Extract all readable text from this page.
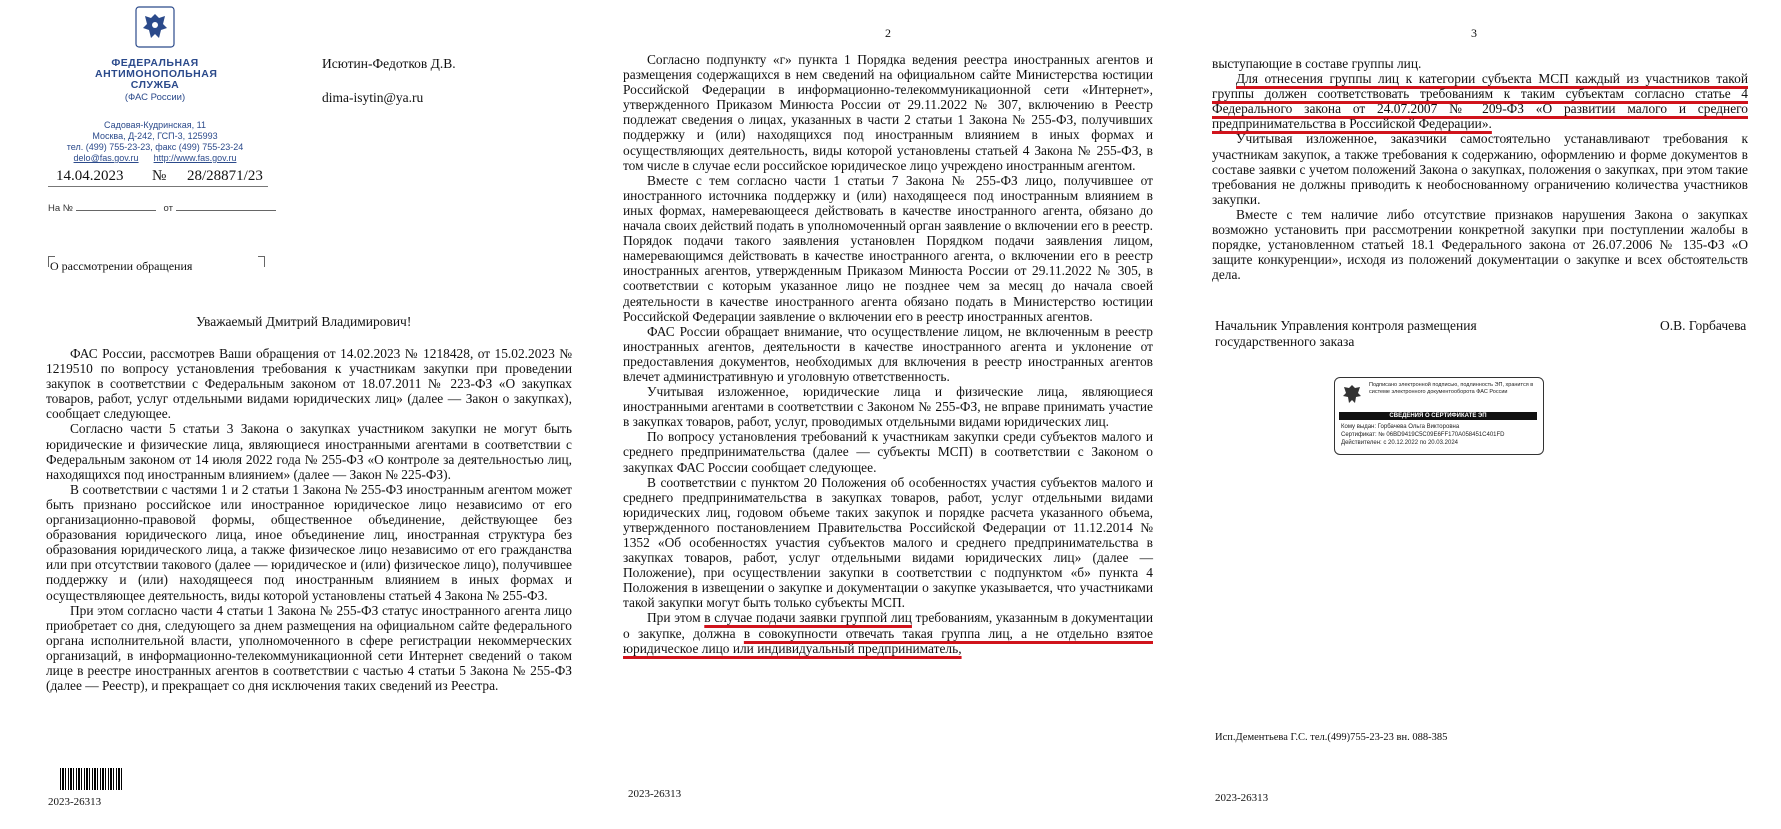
ФЕДЕРАЛЬНАЯ
АНТИМОНОПОЛЬНАЯ
СЛУЖБА
(ФАС России)
Садовая-Кудринская, 11
Москва, Д-242, ГСП-3, 125993
тел. (499) 755-23-23, факс (499) 755-23-24
delo@fas.gov.ru http://www.fas.gov.ru
14.04.2023 № 28/28871/23
На №	от
О рассмотрении обращения
Исютин-Федотков Д.В.
dima-isytin@ya.ru
Уважаемый Дмитрий Владимирович!

ФАС России, рассмотрев Ваши обращения от 14.02.2023 № 1218428, от 15.02.2023 № 1219510 по вопросу установления требования к участникам закупки при проведении закупок в соответствии с Федеральным законом от 18.07.2011 № 223-ФЗ «О закупках товаров, работ, услуг отдельными видами юридических лиц» (далее — Закон о закупках), сообщает следующее.

Согласно части 5 статьи 3 Закона о закупках участником закупки не могут быть юридические и физические лица, являющиеся иностранными агентами в соответствии с Федеральным законом от 14 июля 2022 года № 255-ФЗ «О контроле за деятельностью лиц, находящихся под иностранным влиянием» (далее — Закон № 225-ФЗ).

В соответствии с частями 1 и 2 статьи 1 Закона № 255-ФЗ иностранным агентом может быть признано российское или иностранное юридическое лицо независимо от его организационно-правовой формы, общественное объединение, действующее без образования юридического лица, иное объединение лиц, иностранная структура без образования юридического лица, а также физическое лицо независимо от его гражданства или при отсутствии такового (далее — юридическое и (или) физическое лицо), получившее поддержку и (или) находящееся под иностранным влиянием в иных формах и осуществляющее деятельность, виды которой установлены статьей 4 Закона № 255-ФЗ.

При этом согласно части 4 статьи 1 Закона № 255-ФЗ статус иностранного агента лицо приобретает со дня, следующего за днем размещения на официальном сайте федерального органа исполнительной власти, уполномоченного в сфере регистрации некоммерческих организаций, в информационно-телекоммуникационной сети Интернет сведений о таком лице в реестре иностранных агентов в соответствии с частью 4 статьи 5 Закона № 255-ФЗ (далее — Реестр), и прекращает со дня исключения таких сведений из Реестра.

2023-26313
2

Согласно подпункту «г» пункта 1 Порядка ведения реестра иностранных агентов и размещения содержащихся в нем сведений на официальном сайте Министерства юстиции Российской Федерации в информационно-телекоммуникационной сети «Интернет», утвержденного Приказом Минюста России от 29.11.2022 № 307, включению в Реестр подлежат сведения о лицах, указанных в части 2 статьи 1 Закона № 255-ФЗ, получивших поддержку и (или) находящихся под иностранным влиянием в иных формах и осуществляющих деятельность, виды которой установлены статьей 4 Закона № 255-ФЗ, в том числе в случае если российское юридическое лицо учреждено иностранным агентом.

Вместе с тем согласно части 1 статьи 7 Закона № 255-ФЗ лицо, получившее от иностранного источника поддержку и (или) находящееся под иностранным влиянием в иных формах, намеревающееся действовать в качестве иностранного агента, обязано до начала своих действий подать в уполномоченный орган заявление о включении его в реестр. Порядок подачи такого заявления установлен Порядком подачи заявления лицом, намеревающимся действовать в качестве иностранного агента, о включении его в реестр иностранных агентов, утвержденным Приказом Минюста России от 29.11.2022 № 305, в соответствии с которым указанное лицо не позднее чем за месяц до начала своей деятельности в качестве иностранного агента обязано подать в Министерство юстиции Российской Федерации заявление о включении его в реестр иностранных агентов.

ФАС России обращает внимание, что осуществление лицом, не включенным в реестр иностранных агентов, деятельности в качестве иностранного агента и уклонение от предоставления документов, необходимых для включения в реестр иностранных агентов влечет административную и уголовную ответственность.

Учитывая изложенное, юридические лица и физические лица, являющиеся иностранными агентами в соответствии с Законом № 255-ФЗ, не вправе принимать участие в закупках товаров, работ, услуг, проводимых отдельными видами юридических лиц.

По вопросу установления требований к участникам закупки среди субъектов малого и среднего предпринимательства (далее — субъекты МСП) в соответствии с Законом о закупках ФАС России сообщает следующее.

В соответствии с пунктом 20 Положения об особенностях участия субъектов малого и среднего предпринимательства в закупках товаров, работ, услуг отдельными видами юридических лиц, годовом объеме таких закупок и порядке расчета указанного объема, утвержденного постановлением Правительства Российской Федерации от 11.12.2014 № 1352 «Об особенностях участия субъектов малого и среднего предпринимательства в закупках товаров, работ, услуг отдельными видами юридических лиц» (далее — Положение), при осуществлении закупки в соответствии с подпунктом «б» пункта 4 Положения в извещении о закупке и документации о закупке указывается, что участниками такой закупки могут быть только субъекты МСП.

При этом в случае подачи заявки группой лиц требованиям, указанным в документации о закупке, должна в совокупности отвечать такая группа лиц, а не отдельно взятое юридическое лицо или индивидуальный предприниматель,

2023-26313
3

выступающие в составе группы лиц.

Для отнесения группы лиц к категории субъекта МСП каждый из участников такой группы должен соответствовать требованиям к таким субъектам согласно статье 4 Федерального закона от 24.07.2007 № 209-ФЗ «О развитии малого и среднего предпринимательства в Российской Федерации».

Учитывая изложенное, заказчики самостоятельно устанавливают требования к участникам закупок, а также требования к содержанию, оформлению и форме документов в составе заявки с учетом положений Закона о закупках, положения о закупках, при этом такие требования не должны приводить к необоснованному ограничению количества участников закупки.

Вместе с тем наличие либо отсутствие признаков нарушения Закона о закупках возможно установить при рассмотрении конкретной закупки при поступлении жалобы в порядке, установленном статьей 18.1 Федерального закона от 26.07.2006 № 135-ФЗ «О защите конкуренции», исходя из положений документации о закупке и всех обстоятельств дела.

Начальник Управления контроля размещения
государственного заказа
О.В. Горбачева
Подписано электронной подписью, подлинность ЭП, хранится в системе электронного документооборота ФАС России
СВЕДЕНИЯ О СЕРТИФИКАТЕ ЭП
Кому выдан: Горбачева Ольга Викторовна
Сертификат: № 06BD9419C5C09E6FF170A058451C401FD
Действителен: с 20.12.2022 по 20.03.2024
Исп.Дементьева Г.С. тел.(499)755-23-23 вн. 088-385
2023-26313
